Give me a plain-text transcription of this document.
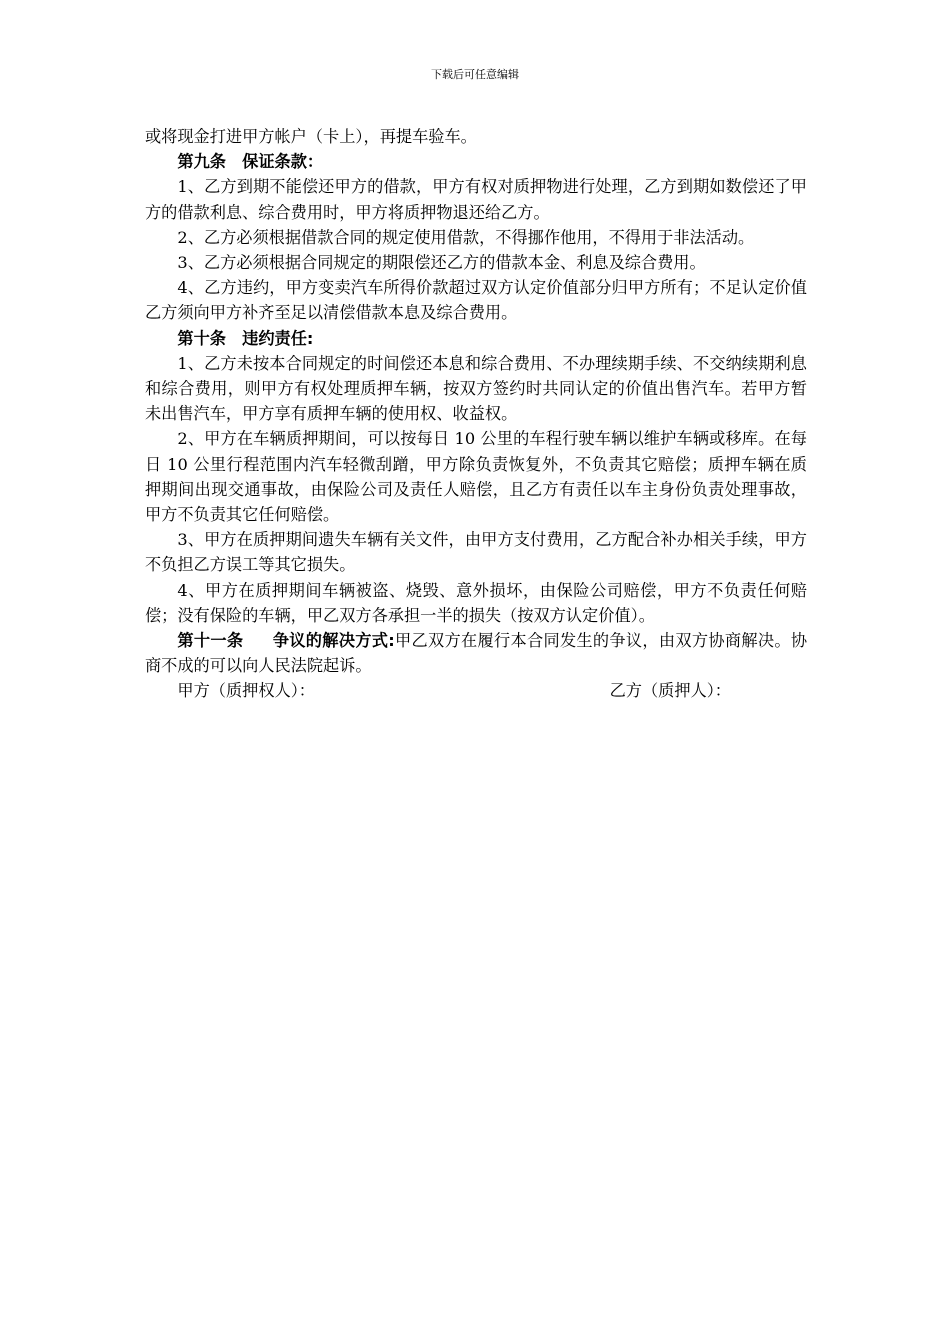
下载后可任意编辑

或将现金打进甲方帐户（卡上），再提车验车。

第九条 保证条款：

1、乙方到期不能偿还甲方的借款，甲方有权对质押物进行处理，乙方到期如数偿还了甲方的借款利息、综合费用时，甲方将质押物退还给乙方。

2、乙方必须根据借款合同的规定使用借款，不得挪作他用，不得用于非法活动。

3、乙方必须根据合同规定的期限偿还乙方的借款本金、利息及综合费用。

4、乙方违约，甲方变卖汽车所得价款超过双方认定价值部分归甲方所有；不足认定价值乙方须向甲方补齐至足以清偿借款本息及综合费用。

第十条 违约责任:

1、乙方未按本合同规定的时间偿还本息和综合费用、不办理续期手续、不交纳续期利息和综合费用，则甲方有权处理质押车辆，按双方签约时共同认定的价值出售汽车。若甲方暂未出售汽车，甲方享有质押车辆的使用权、收益权。

2、甲方在车辆质押期间，可以按每日 10 公里的车程行驶车辆以维护车辆或移库。在每日 10 公里行程范围内汽车轻微刮蹭，甲方除负责恢复外，不负责其它赔偿；质押车辆在质押期间出现交通事故，由保险公司及责任人赔偿，且乙方有责任以车主身份负责处理事故，甲方不负责其它任何赔偿。

3、甲方在质押期间遗失车辆有关文件，由甲方支付费用，乙方配合补办相关手续，甲方不负担乙方误工等其它损失。

4、甲方在质押期间车辆被盗、烧毁、意外损坏，由保险公司赔偿，甲方不负责任何赔偿；没有保险的车辆，甲乙双方各承担一半的损失（按双方认定价值）。

第十一条 争议的解决方式:甲乙双方在履行本合同发生的争议，由双方协商解决。协商不成的可以向人民法院起诉。

甲方（质押权人）：	乙方（质押人）：
